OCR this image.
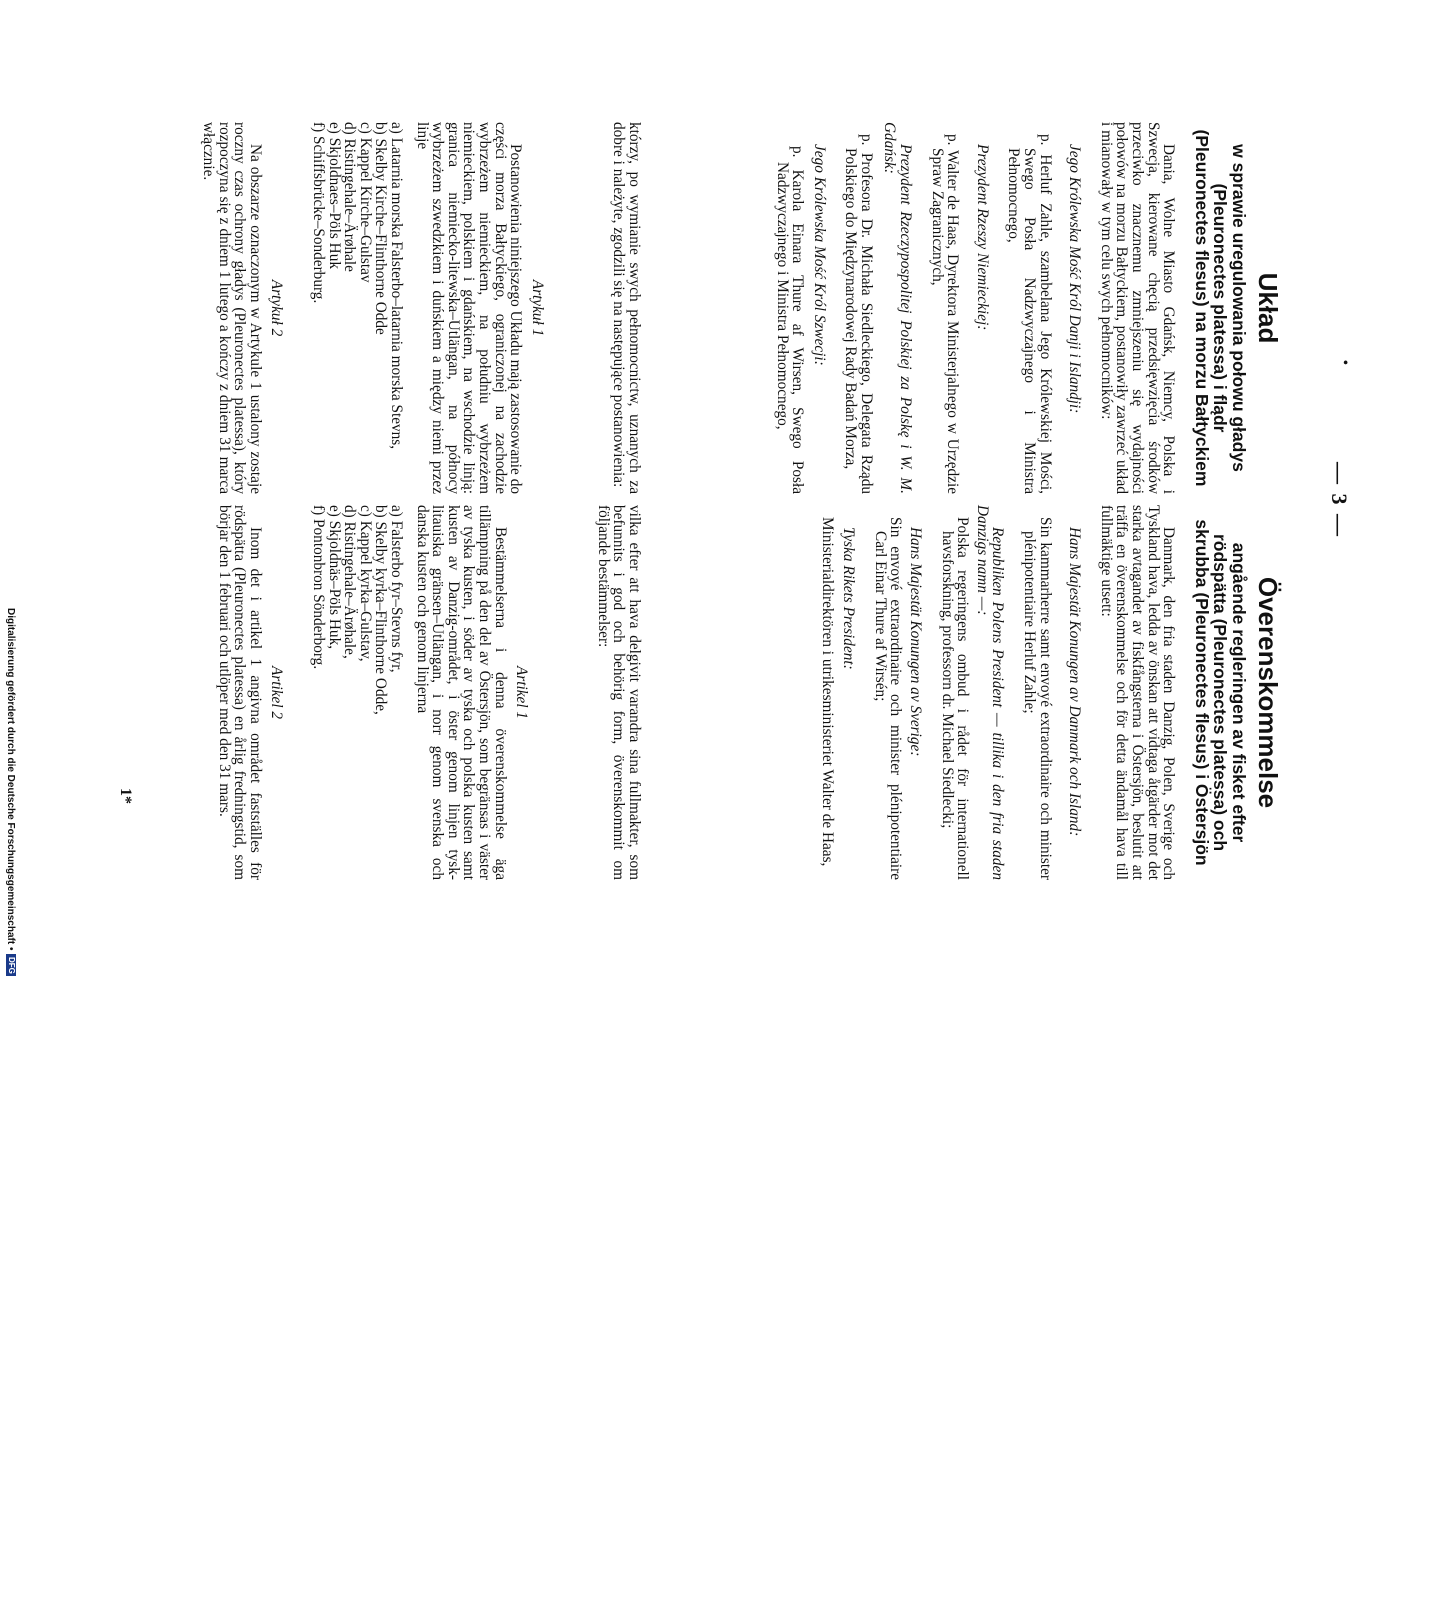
•
— 3 —

Układ

w sprawie uregulowania połowu gładys (Pleuronectes platessa) i flądr (Pleuronectes flesus) na morzu Bałtyckiem

Dania, Wolne Miasto Gdańsk, Niemcy, Polska i Szwecja, kierowane chęcią przedsięwzięcia środków przeciwko znacznemu zmniejszeniu się wydajności połowów na morzu Bałtyckiem, postanowiły zawrzeć układ i mianowały w tym celu swych pełnomocników:

Jego Królewska Mość Król Danji i Islandji:

p. Herluf Zahle, szambelana Jego Królewskiej Mości, Swego Posła Nadzwyczajnego i Ministra Pełnomocnego,

Prezydent Rzeszy Niemieckiej:

p. Walter de Haas, Dyrektora Ministerjalnego w Urzędzie Spraw Zagranicznych,

Prezydent Rzeczypospolitej Polskiej za Polskę i W. M. Gdańsk:

p. Profesora Dr. Michała Siedleckiego, Delegata Rządu Polskiego do Międzynarodowej Rady Badań Morza,

Jego Królewska Mość Król Szwecji:

p. Karola Einara Thure af Wirsen, Swego Posła Nadzwyczajnego i Ministra Pełnomocnego,

którzy, po wymianie swych pełnomocnictw, uznanych za dobre i należyte, zgodzili się na następujące postanowienia:

Artykuł 1

Postanowienia niniejszego Układu mają zastosowanie do części morza Bałtyckiego, ograniczonej na zachodzie wybrzeżem niemieckiem, na południu wybrzeżem niemieckiem, polskiem i gdańskiem, na wschodzie linją: granica niemiecko-litewska–Utlängan, na północy wybrzeżem szwedzkiem i duńskiem a między niemi przez linje

a) Latarnia morska Falsterbo–latarnia morska Stevns,

b) Skelby Kirche–Flinthorne Odde

c) Kappel Kirche–Gulstav

d) Ristingehale–Ärøhale

e) Skjoldnaes–Pöls Huk

f) Schiffsbrücke–Sonderburg.

Artykuł 2

Na obszarze oznaczonym w Artykule 1 ustalony zostaje roczny czas ochrony gładys (Pleuronectes platessa), który rozpoczyna się z dniem 1 lutego a kończy z dniem 31 marca włącznie.

Överenskommelse

angående regleringen av fisket efter rödspätta (Pleuronectes platessa) och skrubba (Pleuronectes flesus) i Östersjön

Danmark, den fria staden Danzig, Polen, Sverige och Tyskland hava, ledda av önskan att vidtaga åtgärder mot det starka avtagandet av fiskfångsterna i Östersjön, beslutit att träffa en överenskommelse och för detta ändamål hava till fullmäktige utsett:

Hans Majestät Konungen av Danmark och Island:

Sin kammarherre samt envoyé extraordinaire och minister plénipotentiaire Herluf Zahle;

Republiken Polens President — tillika i den fria staden Danzigs namn —:

Polska regeringens ombud i rådet för internationell havsforskning, professorn dr. Michael Siedlecki;

Hans Majestät Konungen av Sverige:

Sin envoyé extraordinaire och minister plénipotentiaire Carl Einar Thure af Wirsén;

Tyska Rikets President:

Ministerialdirektören i utrikesministeriet Walter de Haas,

vilka efter att hava delgivit varandra sina fullmakter, som befunnits i god och behörig form, överenskommit om följande bestämmelser:

Artikel 1

Bestämmelserna i denna överenskommelse äga tillämpning på den del av Östersjön, som begränsas i väster av tyska kusten, i söder av tyska och polska kusten samt kusten av Danzig-området, i öster genom linjen tysk-litauiska gränsen–Utlängan, i norr genom svenska och danska kusten och genom linjerna

a) Falsterbo fyr–Stevns fyr,

b) Skelby kyrka–Flinthorne Odde,

c) Kappel kyrka–Gulstav,

d) Ristingehale–Ärøhale,

e) Skjoldnäs–Pöls Huk,

f) Pontonbron Sönderborg.

Artikel 2

Inom det i artikel 1 angivna området fastställes för rödspätta (Pleuronectes platessa) en årlig fredningstid, som börjar den 1 februari och utlöper med den 31 mars.

1*
Digitalisierung gefördert durch die Deutsche Forschungsgemeinschaft •DFG
